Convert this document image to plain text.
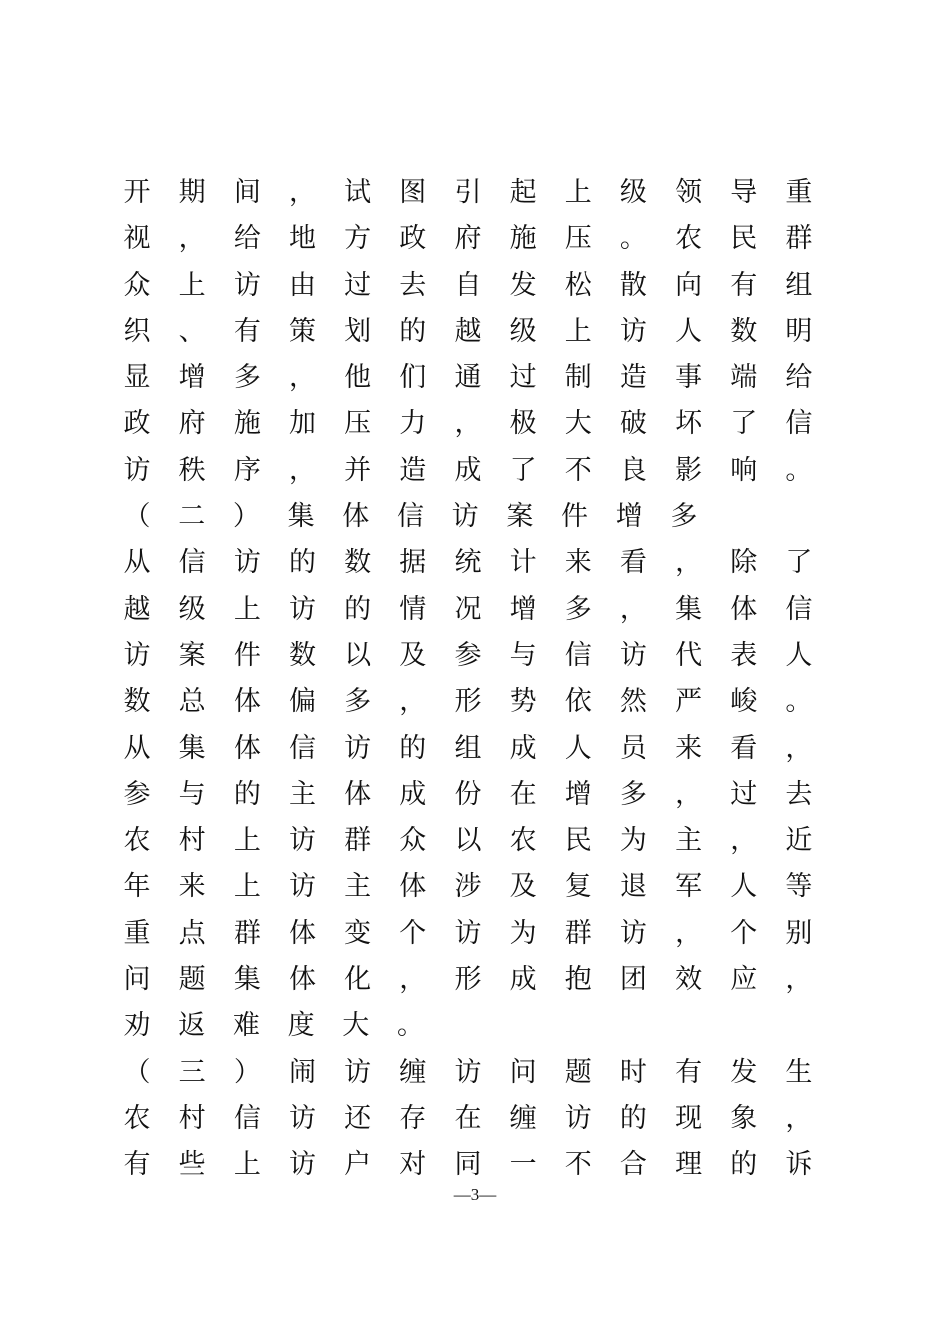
开 期 间 ， 试 图 引 起 上 级 领 导 重
视 ， 给 地 方 政 府 施 压 。 农 民 群
众 上 访 由 过 去 自 发 松 散 向 有 组
织 、 有 策 划 的 越 级 上 访 人 数 明
显 增 多 ， 他 们 通 过 制 造 事 端 给
政 府 施 加 压 力 ， 极 大 破 坏 了 信
访 秩 序 ， 并 造 成 了 不 良 影 响 。
（ 二 ） 集 体 信 访 案 件 增 多
从 信 访 的 数 据 统 计 来 看 ， 除 了
越 级 上 访 的 情 况 增 多 ， 集 体 信
访 案 件 数 以 及 参 与 信 访 代 表 人
数 总 体 偏 多 ， 形 势 依 然 严 峻 。
从 集 体 信 访 的 组 成 人 员 来 看 ，
参 与 的 主 体 成 份 在 增 多 ， 过 去
农 村 上 访 群 众 以 农 民 为 主 ， 近
年 来 上 访 主 体 涉 及 复 退 军 人 等
重 点 群 体 变 个 访 为 群 访 ， 个 别
问 题 集 体 化 ， 形 成 抱 团 效 应 ，
劝 返 难 度 大 。
（ 三 ） 闹 访 缠 访 问 题 时 有 发 生
农 村 信 访 还 存 在 缠 访 的 现 象 ，
有 些 上 访 户 对 同 一 不 合 理 的 诉
—3—
